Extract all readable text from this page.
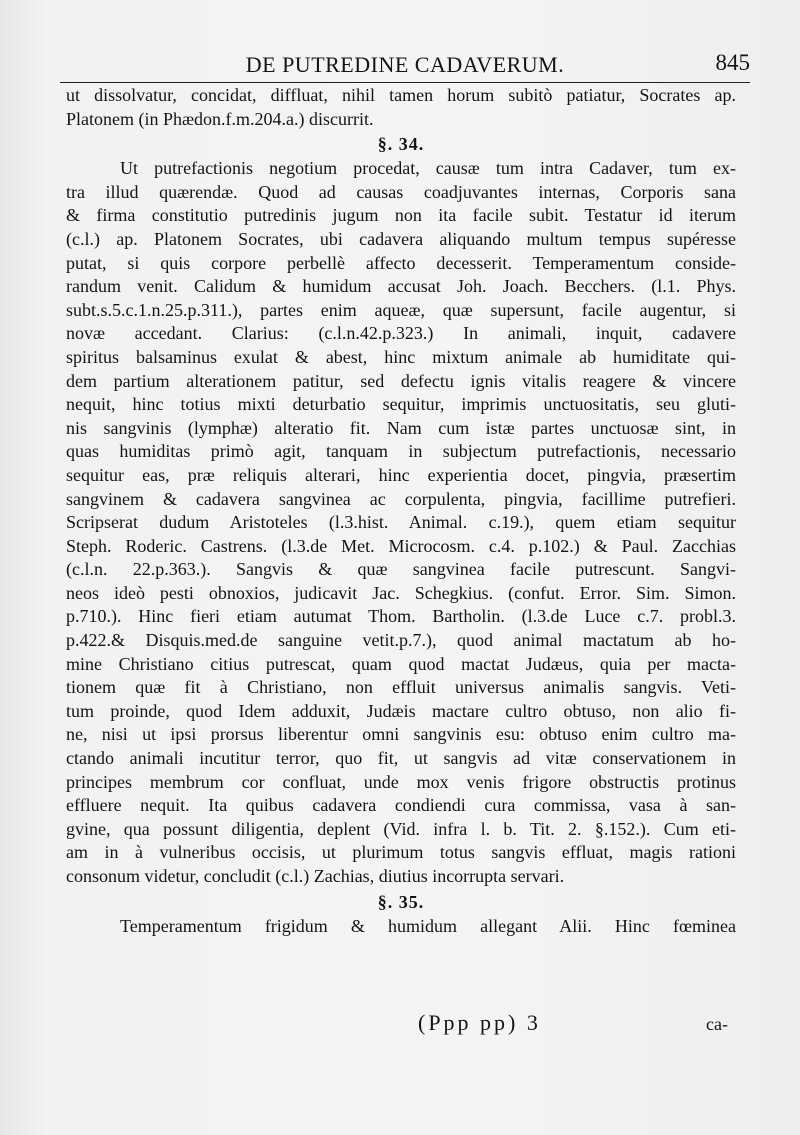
DE PUTREDINE CADAVERUM.	845
ut dissolvatur, concidat, diffluat, nihil tamen horum subitò patiatur, Socrates ap.
Platonem (in Phædon.f.m.204.a.) discurrit.
§. 34.
Ut putrefactionis negotium procedat, causæ tum intra Cadaver, tum ex-
tra illud quærendæ. Quod ad causas coadjuvantes internas, Corporis sana
& firma constitutio putredinis jugum non ita facile subit. Testatur id iterum
(c.l.) ap. Platonem Socrates, ubi cadavera aliquando multum tempus supéresse
putat, si quis corpore perbellè affecto decesserit. Temperamentum conside-
randum venit. Calidum & humidum accusat Joh. Joach. Becchers. (l.1. Phys.
subt.s.5.c.1.n.25.p.311.), partes enim aqueæ, quæ supersunt, facile augentur, si
novæ accedant. Clarius: (c.l.n.42.p.323.) In animali, inquit, cadavere
spiritus balsaminus exulat & abest, hinc mixtum animale ab humiditate qui-
dem partium alterationem patitur, sed defectu ignis vitalis reagere & vincere
nequit, hinc totius mixti deturbatio sequitur, imprimis unctuositatis, seu gluti-
nis sangvinis (lymphæ) alteratio fit. Nam cum istæ partes unctuosæ sint, in
quas humiditas primò agit, tanquam in subjectum putrefactionis, necessario
sequitur eas, præ reliquis alterari, hinc experientia docet, pingvia, præsertim
sangvinem & cadavera sangvinea ac corpulenta, pingvia, facillime putrefieri.
Scripserat dudum Aristoteles (l.3.hist. Animal. c.19.), quem etiam sequitur
Steph. Roderic. Castrens. (l.3.de Met. Microcosm. c.4. p.102.) & Paul. Zacchias
(c.l.n. 22.p.363.). Sangvis & quæ sangvinea facile putrescunt. Sangvi-
neos ideò pesti obnoxios, judicavit Jac. Schegkius. (confut. Error. Sim. Simon.
p.710.). Hinc fieri etiam autumat Thom. Bartholin. (l.3.de Luce c.7. probl.3.
p.422.& Disquis.med.de sanguine vetit.p.7.), quod animal mactatum ab ho-
mine Christiano citius putrescat, quam quod mactat Judæus, quia per macta-
tionem quæ fit à Christiano, non effluit universus animalis sangvis. Veti-
tum proinde, quod Idem adduxit, Judæis mactare cultro obtuso, non alio fi-
ne, nisi ut ipsi prorsus liberentur omni sangvinis esu: obtuso enim cultro ma-
ctando animali incutitur terror, quo fit, ut sangvis ad vitæ conservationem in
principes membrum cor confluat, unde mox venis frigore obstructis protinus
effluere nequit. Ita quibus cadavera condiendi cura commissa, vasa à san-
gvine, qua possunt diligentia, deplent (Vid. infra l. b. Tit. 2. §.152.). Cum eti-
am in à vulneribus occisis, ut plurimum totus sangvis effluat, magis rationi
consonum videtur, concludit (c.l.) Zachias, diutius incorrupta servari.
§. 35.
Temperamentum frigidum & humidum allegant Alii. Hinc fœminea
(Ppp pp) 3	ca-
